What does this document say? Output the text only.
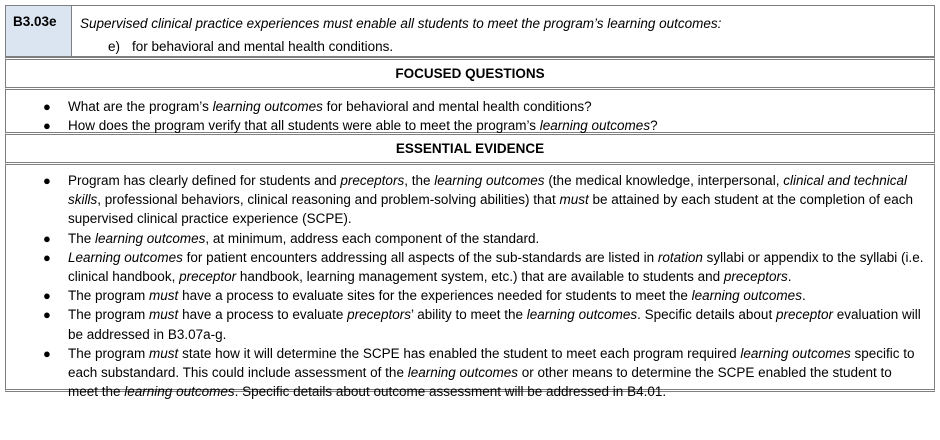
B3.03e	Supervised clinical practice experiences must enable all students to meet the program’s learning outcomes:
e) for behavioral and mental health conditions.
FOCUSED QUESTIONS
● What are the program’s learning outcomes for behavioral and mental health conditions?
● How does the program verify that all students were able to meet the program’s learning outcomes?
ESSENTIAL EVIDENCE
● Program has clearly defined for students and preceptors, the learning outcomes (the medical knowledge, interpersonal, clinical and technical skills, professional behaviors, clinical reasoning and problem-solving abilities) that must be attained by each student at the completion of each supervised clinical practice experience (SCPE).
● The learning outcomes, at minimum, address each component of the standard.
● Learning outcomes for patient encounters addressing all aspects of the sub-standards are listed in rotation syllabi or appendix to the syllabi (i.e. clinical handbook, preceptor handbook, learning management system, etc.) that are available to students and preceptors.
● The program must have a process to evaluate sites for the experiences needed for students to meet the learning outcomes.
● The program must have a process to evaluate preceptors’ ability to meet the learning outcomes. Specific details about preceptor evaluation will be addressed in B3.07a-g.
● The program must state how it will determine the SCPE has enabled the student to meet each program required learning outcomes specific to each substandard. This could include assessment of the learning outcomes or other means to determine the SCPE enabled the student to meet the learning outcomes. Specific details about outcome assessment will be addressed in B4.01.
